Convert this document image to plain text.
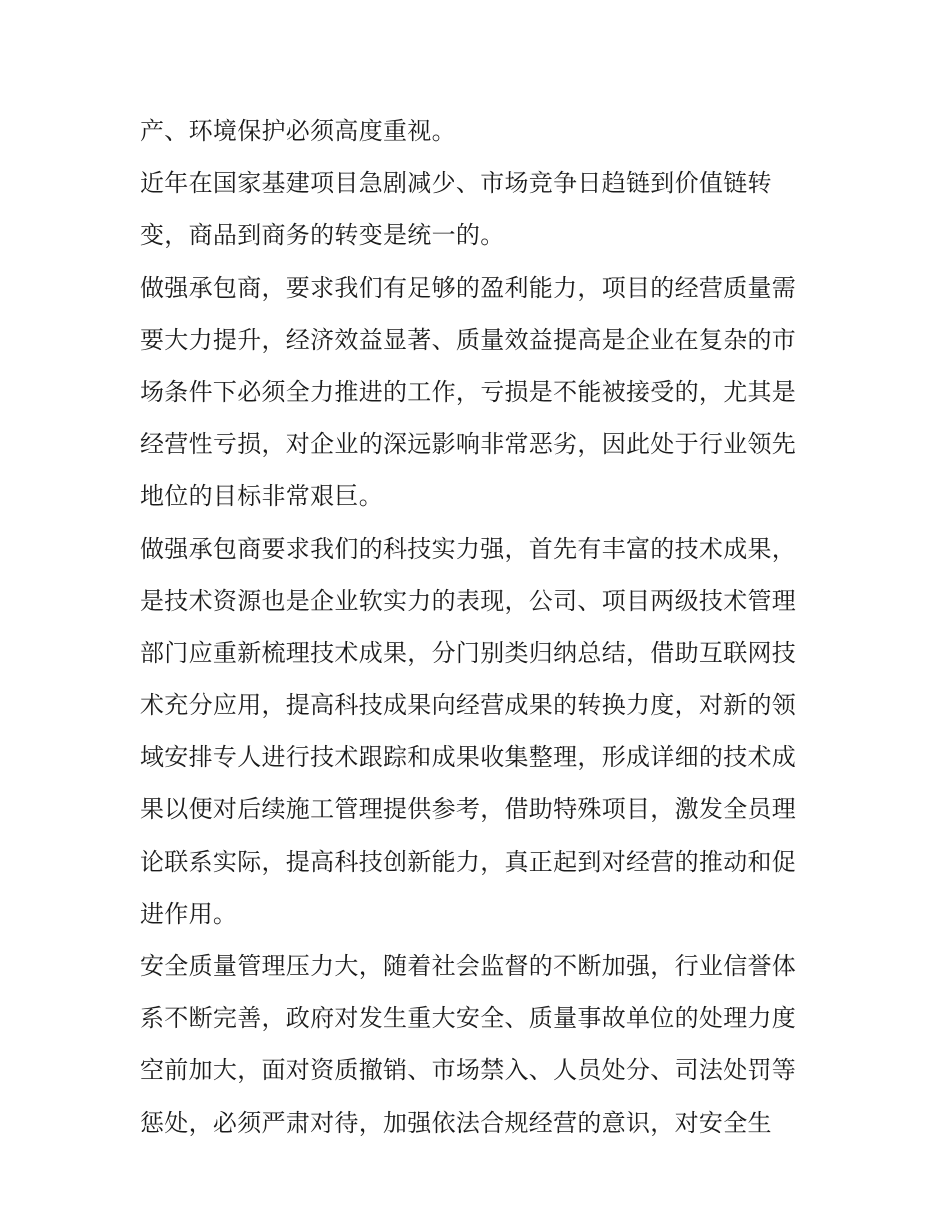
产、环境保护必须高度重视。
近年在国家基建项目急剧减少、市场竞争日趋链到价值链转
变，商品到商务的转变是统一的。
做强承包商，要求我们有足够的盈利能力，项目的经营质量需
要大力提升，经济效益显著、质量效益提高是企业在复杂的市
场条件下必须全力推进的工作，亏损是不能被接受的，尤其是
经营性亏损，对企业的深远影响非常恶劣，因此处于行业领先
地位的目标非常艰巨。
做强承包商要求我们的科技实力强，首先有丰富的技术成果，
是技术资源也是企业软实力的表现，公司、项目两级技术管理
部门应重新梳理技术成果，分门别类归纳总结，借助互联网技
术充分应用，提高科技成果向经营成果的转换力度，对新的领
域安排专人进行技术跟踪和成果收集整理，形成详细的技术成
果以便对后续施工管理提供参考，借助特殊项目，激发全员理
论联系实际，提高科技创新能力，真正起到对经营的推动和促
进作用。
安全质量管理压力大，随着社会监督的不断加强，行业信誉体
系不断完善，政府对发生重大安全、质量事故单位的处理力度
空前加大，面对资质撤销、市场禁入、人员处分、司法处罚等
惩处，必须严肃对待，加强依法合规经营的意识，对安全生
